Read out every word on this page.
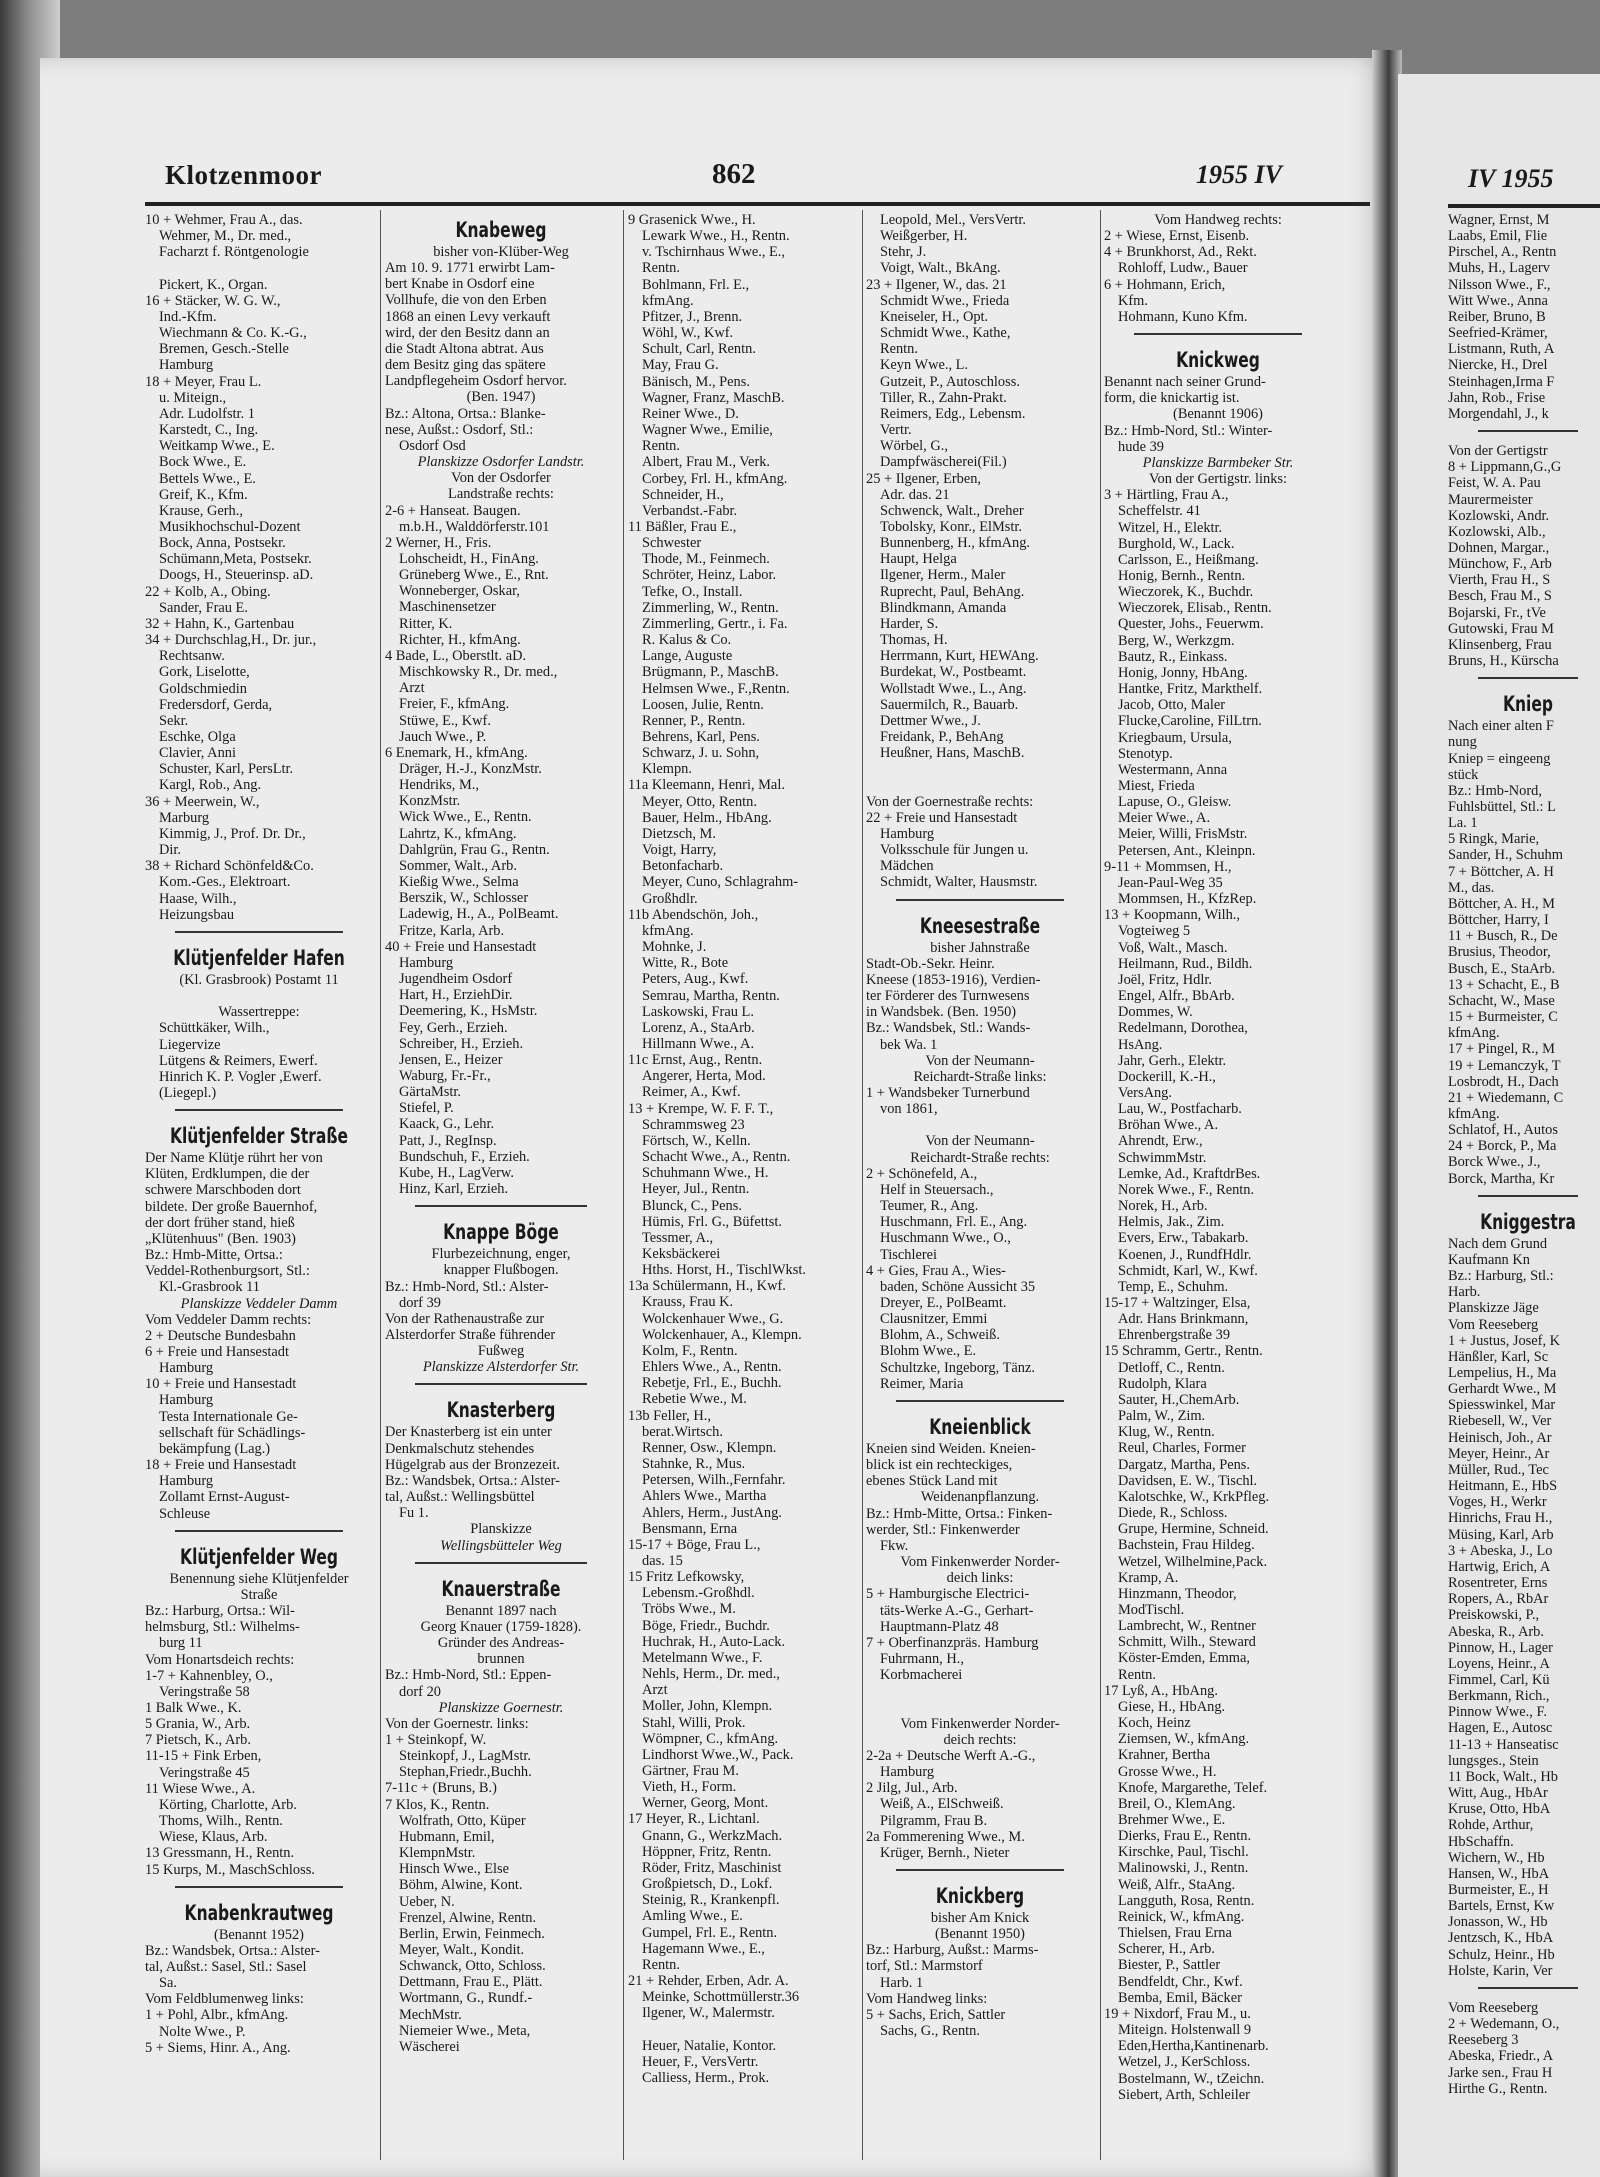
Klotzenmoor	862	1955 IV
10 + Wehmer, Frau A., das.
Wehmer, M., Dr. med.,
Facharzt f. Röntgenologie

Pickert, K., Organ.
16 + Stäcker, W. G. W.,
Ind.-Kfm.
Wiechmann & Co. K.-G.,
Bremen, Gesch.-Stelle
Hamburg
18 + Meyer, Frau L.
u. Miteign.,
Adr. Ludolfstr. 1
Karstedt, C., Ing.
Weitkamp Wwe., E.
Bock Wwe., E.
Bettels Wwe., E.
Greif, K., Kfm.
Krause, Gerh.,
Musikhochschul-Dozent
Bock, Anna, Postsekr.
Schümann,Meta, Postsekr.
Doogs, H., Steuerinsp. aD.
22 + Kolb, A., Obing.
Sander, Frau E.
32 + Hahn, K., Gartenbau
34 + Durchschlag,H., Dr. jur.,
Rechtsanw.
Gork, Liselotte,
Goldschmiedin
Fredersdorf, Gerda,
Sekr.
Eschke, Olga
Clavier, Anni
Schuster, Karl, PersLtr.
Kargl, Rob., Ang.
36 + Meerwein, W.,
Marburg
Kimmig, J., Prof. Dr. Dr.,
Dir.
38 + Richard Schönfeld&Co.
Kom.-Ges., Elektroart.
Haase, Wilh.,
Heizungsbau
Klütjenfelder Hafen
(Kl. Grasbrook) Postamt 11

Wassertreppe:
Schüttkäker, Wilh.,
Liegervize
Lütgens & Reimers, Ewerf.
Hinrich K. P. Vogler ,Ewerf.
(Liegepl.)
Klütjenfelder Straße
Der Name Klütje rührt her von
Klüten, Erdklumpen, die der
schwere Marschboden dort
bildete. Der große Bauernhof,
der dort früher stand, hieß
„Klütenhuus" (Ben. 1903)
Bz.: Hmb-Mitte, Ortsa.:
Veddel-Rothenburgsort, Stl.:
Kl.-Grasbrook 11
Planskizze Veddeler Damm
Vom Veddeler Damm rechts:
2 + Deutsche Bundesbahn
6 + Freie und Hansestadt
Hamburg
10 + Freie und Hansestadt
Hamburg
Testa Internationale Ge-
sellschaft für Schädlings-
bekämpfung (Lag.)
18 + Freie und Hansestadt
Hamburg
Zollamt Ernst-August-
Schleuse
Klütjenfelder Weg
Benennung siehe Klütjenfelder
Straße
Bz.: Harburg, Ortsa.: Wil-
helmsburg, Stl.: Wilhelms-
burg 11
Vom Honartsdeich rechts:
1-7 + Kahnenbley, O.,
Veringstraße 58
1 Balk Wwe., K.
5 Grania, W., Arb.
7 Pietsch, K., Arb.
11-15 + Fink Erben,
Veringstraße 45
11 Wiese Wwe., A.
Körting, Charlotte, Arb.
Thoms, Wilh., Rentn.
Wiese, Klaus, Arb.
13 Gressmann, H., Rentn.
15 Kurps, M., MaschSchloss.
Knabenkrautweg
(Benannt 1952)
Bz.: Wandsbek, Ortsa.: Alster-
tal, Außst.: Sasel, Stl.: Sasel
Sa.
Vom Feldblumenweg links:
1 + Pohl, Albr., kfmAng.
Nolte Wwe., P.
5 + Siems, Hinr. A., Ang.
Knabeweg
bisher von-Klüber-Weg
Am 10. 9. 1771 erwirbt Lam-
bert Knabe in Osdorf eine
Vollhufe, die von den Erben
1868 an einen Levy verkauft
wird, der den Besitz dann an
die Stadt Altona abtrat. Aus
dem Besitz ging das spätere
Landpflegeheim Osdorf hervor.
(Ben. 1947)
Bz.: Altona, Ortsa.: Blanke-
nese, Außst.: Osdorf, Stl.:
Osdorf Osd
Planskizze Osdorfer Landstr.
Von der Osdorfer
Landstraße rechts:
2-6 + Hanseat. Baugen.
m.b.H., Walddörferstr.101
2 Werner, H., Fris.
Lohscheidt, H., FinAng.
Grüneberg Wwe., E., Rnt.
Wonneberger, Oskar,
Maschinensetzer
Ritter, K.
Richter, H., kfmAng.
4 Bade, L., Oberstlt. aD.
Mischkowsky R., Dr. med.,
Arzt
Freier, F., kfmAng.
Stüwe, E., Kwf.
Jauch Wwe., P.
6 Enemark, H., kfmAng.
Dräger, H.-J., KonzMstr.
Hendriks, M.,
KonzMstr.
Wick Wwe., E., Rentn.
Lahrtz, K., kfmAng.
Dahlgrün, Frau G., Rentn.
Sommer, Walt., Arb.
Kießig Wwe., Selma
Berszik, W., Schlosser
Ladewig, H., A., PolBeamt.
Fritze, Karla, Arb.
40 + Freie und Hansestadt
Hamburg
Jugendheim Osdorf
Hart, H., ErziehDir.
Deemering, K., HsMstr.
Fey, Gerh., Erzieh.
Schreiber, H., Erzieh.
Jensen, E., Heizer
Waburg, Fr.-Fr.,
GärtaMstr.
Stiefel, P.
Kaack, G., Lehr.
Patt, J., RegInsp.
Bundschuh, F., Erzieh.
Kube, H., LagVerw.
Hinz, Karl, Erzieh.
Knappe Böge
Flurbezeichnung, enger,
knapper Flußbogen.
Bz.: Hmb-Nord, Stl.: Alster-
dorf 39
Von der Rathenaustraße zur
Alsterdorfer Straße führender
Fußweg
Planskizze Alsterdorfer Str.
Knasterberg
Der Knasterberg ist ein unter
Denkmalschutz stehendes
Hügelgrab aus der Bronzezeit.
Bz.: Wandsbek, Ortsa.: Alster-
tal, Außst.: Wellingsbüttel
Fu 1.
Planskizze
Wellingsbütteler Weg
Knauerstraße
Benannt 1897 nach
Georg Knauer (1759-1828).
Gründer des Andreas-
brunnen
Bz.: Hmb-Nord, Stl.: Eppen-
dorf 20
Planskizze Goernestr.
Von der Goernestr. links:
1 + Steinkopf, W.
Steinkopf, J., LagMstr.
Stephan,Friedr.,Buchh.
7-11c + (Bruns, B.)
7 Klos, K., Rentn.
Wolfrath, Otto, Küper
Hubmann, Emil,
KlempnMstr.
Hinsch Wwe., Else
Böhm, Alwine, Kont.
Ueber, N.
Frenzel, Alwine, Rentn.
Berlin, Erwin, Feinmech.
Meyer, Walt., Kondit.
Schwanck, Otto, Schloss.
Dettmann, Frau E., Plätt.
Wortmann, G., Rundf.-
MechMstr.
Niemeier Wwe., Meta,
Wäscherei
9 Grasenick Wwe., H.
Lewark Wwe., H., Rentn.
v. Tschirnhaus Wwe., E.,
Rentn.
Bohlmann, Frl. E.,
kfmAng.
Pfitzer, J., Brenn.
Wöhl, W., Kwf.
Schult, Carl, Rentn.
May, Frau G.
Bänisch, M., Pens.
Wagner, Franz, MaschB.
Reiner Wwe., D.
Wagner Wwe., Emilie,
Rentn.
Albert, Frau M., Verk.
Corbey, Frl. H., kfmAng.
Schneider, H.,
Verbandst.-Fabr.
11 Bäßler, Frau E.,
Schwester
Thode, M., Feinmech.
Schröter, Heinz, Labor.
Tefke, O., Install.
Zimmerling, W., Rentn.
Zimmerling, Gertr., i. Fa.
R. Kalus & Co.
Lange, Auguste
Brügmann, P., MaschB.
Helmsen Wwe., F.,Rentn.
Loosen, Julie, Rentn.
Renner, P., Rentn.
Behrens, Karl, Pens.
Schwarz, J. u. Sohn,
Klempn.
11a Kleemann, Henri, Mal.
Meyer, Otto, Rentn.
Bauer, Helm., HbAng.
Dietzsch, M.
Voigt, Harry,
Betonfacharb.
Meyer, Cuno, Schlagrahm-
Großhdlr.
11b Abendschön, Joh.,
kfmAng.
Mohnke, J.
Witte, R., Bote
Peters, Aug., Kwf.
Semrau, Martha, Rentn.
Laskowski, Frau L.
Lorenz, A., StaArb.
Hillmann Wwe., A.
11c Ernst, Aug., Rentn.
Angerer, Herta, Mod.
Reimer, A., Kwf.
13 + Krempe, W. F. F. T.,
Schrammsweg 23
Förtsch, W., Kelln.
Schacht Wwe., A., Rentn.
Schuhmann Wwe., H.
Heyer, Jul., Rentn.
Blunck, C., Pens.
Hümis, Frl. G., Büfettst.
Tessmer, A.,
Keksbäckerei
Hths. Horst, H., TischlWkst.
13a Schülermann, H., Kwf.
Krauss, Frau K.
Wolckenhauer Wwe., G.
Wolckenhauer, A., Klempn.
Kolm, F., Rentn.
Ehlers Wwe., A., Rentn.
Rebetje, Frl., E., Buchh.
Rebetie Wwe., M.
13b Feller, H.,
berat.Wirtsch.
Renner, Osw., Klempn.
Stahnke, R., Mus.
Petersen, Wilh.,Fernfahr.
Ahlers Wwe., Martha
Ahlers, Herm., JustAng.
Bensmann, Erna
15-17 + Böge, Frau L.,
das. 15
15 Fritz Lefkowsky,
Lebensm.-Großhdl.
Tröbs Wwe., M.
Böge, Friedr., Buchdr.
Huchrak, H., Auto-Lack.
Metelmann Wwe., F.
Nehls, Herm., Dr. med.,
Arzt
Moller, John, Klempn.
Stahl, Willi, Prok.
Wömpner, C., kfmAng.
Lindhorst Wwe.,W., Pack.
Gärtner, Frau M.
Vieth, H., Form.
Werner, Georg, Mont.
17 Heyer, R., Lichtanl.
Gnann, G., WerkzMach.
Höppner, Fritz, Rentn.
Röder, Fritz, Maschinist
Großpietsch, D., Lokf.
Steinig, R., Krankenpfl.
Amling Wwe., E.
Gumpel, Frl. E., Rentn.
Hagemann Wwe., E.,
Rentn.
21 + Rehder, Erben, Adr. A.
Meinke, Schottmüllerstr.36
Ilgener, W., Malermstr.

Heuer, Natalie, Kontor.
Heuer, F., VersVertr.
Calliess, Herm., Prok.
Leopold, Mel., VersVertr.
Weißgerber, H.
Stehr, J.
Voigt, Walt., BkAng.
23 + Ilgener, W., das. 21
Schmidt Wwe., Frieda
Kneiseler, H., Opt.
Schmidt Wwe., Kathe,
Rentn.
Keyn Wwe., L.
Gutzeit, P., Autoschloss.
Tiller, R., Zahn-Prakt.
Reimers, Edg., Lebensm.
Vertr.
Wörbel, G.,
Dampfwäscherei(Fil.)
25 + Ilgener, Erben,
Adr. das. 21
Schwenck, Walt., Dreher
Tobolsky, Konr., ElMstr.
Bunnenberg, H., kfmAng.
Haupt, Helga
Ilgener, Herm., Maler
Ruprecht, Paul, BehAng.
Blindkmann, Amanda
Harder, S.
Thomas, H.
Herrmann, Kurt, HEWAng.
Burdekat, W., Postbeamt.
Wollstadt Wwe., L., Ang.
Sauermilch, R., Bauarb.
Dettmer Wwe., J.
Freidank, P., BehAng
Heußner, Hans, MaschB.

Von der Goernestraße rechts:
22 + Freie und Hansestadt
Hamburg
Volksschule für Jungen u.
Mädchen
Schmidt, Walter, Hausmstr.
Kneesestraße
bisher Jahnstraße
Stadt-Ob.-Sekr. Heinr.
Kneese (1853-1916), Verdien-
ter Förderer des Turnwesens
in Wandsbek. (Ben. 1950)
Bz.: Wandsbek, Stl.: Wands-
bek Wa. 1
Von der Neumann-
Reichardt-Straße links:
1 + Wandsbeker Turnerbund
von 1861,

Von der Neumann-
Reichardt-Straße rechts:
2 + Schönefeld, A.,
Helf in Steuersach.,
Teumer, R., Ang.
Huschmann, Frl. E., Ang.
Huschmann Wwe., O.,
Tischlerei
4 + Gies, Frau A., Wies-
baden, Schöne Aussicht 35
Dreyer, E., PolBeamt.
Clausnitzer, Emmi
Blohm, A., Schweiß.
Blohm Wwe., E.
Schultzke, Ingeborg, Tänz.
Reimer, Maria
Kneienblick
Kneien sind Weiden. Kneien-
blick ist ein rechteckiges,
ebenes Stück Land mit
Weidenanpflanzung.
Bz.: Hmb-Mitte, Ortsa.: Finken-
werder, Stl.: Finkenwerder
Fkw.
Vom Finkenwerder Norder-
deich links:
5 + Hamburgische Electrici-
täts-Werke A.-G., Gerhart-
Hauptmann-Platz 48
7 + Oberfinanzpräs. Hamburg
Fuhrmann, H.,
Korbmacherei

Vom Finkenwerder Norder-
deich rechts:
2-2a + Deutsche Werft A.-G.,
Hamburg
2 Jilg, Jul., Arb.
Weiß, A., ElSchweiß.
Pilgramm, Frau B.
2a Fommerening Wwe., M.
Krüger, Bernh., Nieter
Knickberg
bisher Am Knick
(Benannt 1950)
Bz.: Harburg, Außst.: Marms-
torf, Stl.: Marmstorf
Harb. 1
Vom Handweg links:
5 + Sachs, Erich, Sattler
Sachs, G., Rentn.
Vom Handweg rechts:
2 + Wiese, Ernst, Eisenb.
4 + Brunkhorst, Ad., Rekt.
Rohloff, Ludw., Bauer
6 + Hohmann, Erich,
Kfm.
Hohmann, Kuno Kfm.
Knickweg
Benannt nach seiner Grund-
form, die knickartig ist.
(Benannt 1906)
Bz.: Hmb-Nord, Stl.: Winter-
hude 39
Planskizze Barmbeker Str.
Von der Gertigstr. links:
3 + Härtling, Frau A.,
Scheffelstr. 41
Witzel, H., Elektr.
Burghold, W., Lack.
Carlsson, E., Heißmang.
Honig, Bernh., Rentn.
Wieczorek, K., Buchdr.
Wieczorek, Elisab., Rentn.
Quester, Johs., Feuerwm.
Berg, W., Werkzgm.
Bautz, R., Einkass.
Honig, Jonny, HbAng.
Hantke, Fritz, Markthelf.
Jacob, Otto, Maler
Flucke,Caroline, FilLtrn.
Kriegbaum, Ursula,
Stenotyp.
Westermann, Anna
Miest, Frieda
Lapuse, O., Gleisw.
Meier Wwe., A.
Meier, Willi, FrisMstr.
Petersen, Ant., Kleinpn.
9-11 + Mommsen, H.,
Jean-Paul-Weg 35
Mommsen, H., KfzRep.
13 + Koopmann, Wilh.,
Vogteiweg 5
Voß, Walt., Masch.
Heilmann, Rud., Bildh.
Joël, Fritz, Hdlr.
Engel, Alfr., BbArb.
Dommes, W.
Redelmann, Dorothea,
HsAng.
Jahr, Gerh., Elektr.
Dockerill, K.-H.,
VersAng.
Lau, W., Postfacharb.
Bröhan Wwe., A.
Ahrendt, Erw.,
SchwimmMstr.
Lemke, Ad., KraftdrBes.
Norek Wwe., F., Rentn.
Norek, H., Arb.
Helmis, Jak., Zim.
Evers, Erw., Tabakarb.
Koenen, J., RundfHdlr.
Schmidt, Karl, W., Kwf.
Temp, E., Schuhm.
15-17 + Waltzinger, Elsa,
Adr. Hans Brinkmann,
Ehrenbergstraße 39
15 Schramm, Gertr., Rentn.
Detloff, C., Rentn.
Rudolph, Klara
Sauter, H.,ChemArb.
Palm, W., Zim.
Klug, W., Rentn.
Reul, Charles, Former
Dargatz, Martha, Pens.
Davidsen, E. W., Tischl.
Kalotschke, W., KrkPfleg.
Diede, R., Schloss.
Grupe, Hermine, Schneid.
Bachstein, Frau Hildeg.
Wetzel, Wilhelmine,Pack.
Kramp, A.
Hinzmann, Theodor,
ModTischl.
Lambrecht, W., Rentner
Schmitt, Wilh., Steward
Köster-Emden, Emma,
Rentn.
17 Lyß, A., HbAng.
Giese, H., HbAng.
Koch, Heinz
Ziemsen, W., kfmAng.
Krahner, Bertha
Grosse Wwe., H.
Knofe, Margarethe, Telef.
Breil, O., KlemAng.
Brehmer Wwe., E.
Dierks, Frau E., Rentn.
Kirschke, Paul, Tischl.
Malinowski, J., Rentn.
Weiß, Alfr., StaAng.
Langguth, Rosa, Rentn.
Reinick, W., kfmAng.
Thielsen, Frau Erna
Scherer, H., Arb.
Biester, P., Sattler
Bendfeldt, Chr., Kwf.
Bemba, Emil, Bäcker
19 + Nixdorf, Frau M., u.
Miteign. Holstenwall 9
Eden,Hertha,Kantinenarb.
Wetzel, J., KerSchloss.
Bostelmann, W., tZeichn.
Siebert, Arth, Schleiler
IV 1955
Wagner, Ernst, M
Laabs, Emil, Flie
Pirschel, A., Rentn
Muhs, H., Lagerv
Nilsson Wwe., F.,
Witt Wwe., Anna
Reiber, Bruno, B
Seefried-Krämer,
Listmann, Ruth, A
Niercke, H., Drel
Steinhagen,Irma F
Jahn, Rob., Frise
Morgendahl, J., k
Von der Gertigstr
8 + Lippmann,G.,G
Feist, W. A. Pau
Maurermeister
Kozlowski, Andr.
Kozlowski, Alb.,
Dohnen, Margar.,
Münchow, F., Arb
Vierth, Frau H., S
Besch, Frau M., S
Bojarski, Fr., tVe
Gutowski, Frau M
Klinsenberg, Frau
Bruns, H., Kürscha
Kniep
Nach einer alten F
nung
Kniep = eingeeng
stück
Bz.: Hmb-Nord,
Fuhlsbüttel, Stl.: L
La. 1
5 Ringk, Marie,
Sander, H., Schuhm
7 + Böttcher, A. H
M., das.
Böttcher, A. H., M
Böttcher, Harry, I
11 + Busch, R., De
Brusius, Theodor,
Busch, E., StaArb.
13 + Schacht, E., B
Schacht, W., Mase
15 + Burmeister, C
kfmAng.
17 + Pingel, R., M
19 + Lemanczyk, T
Losbrodt, H., Dach
21 + Wiedemann, C
kfmAng.
Schlatof, H., Autos
24 + Borck, P., Ma
Borck Wwe., J.,
Borck, Martha, Kr
Kniggestra
Nach dem Grund
Kaufmann Kn
Bz.: Harburg, Stl.:
Harb.
Planskizze Jäge
Vom Reeseberg
1 + Justus, Josef, K
Hänßler, Karl, Sc
Lempelius, H., Ma
Gerhardt Wwe., M
Spiesswinkel, Mar
Riebesell, W., Ver
Heinisch, Joh., Ar
Meyer, Heinr., Ar
Müller, Rud., Tec
Heitmann, E., HbS
Voges, H., Werkr
Hinrichs, Frau H.,
Müsing, Karl, Arb
3 + Abeska, J., Lo
Hartwig, Erich, A
Rosentreter, Erns
Ropers, A., RbAr
Preiskowski, P.,
Abeska, R., Arb.
Pinnow, H., Lager
Loyens, Heinr., A
Fimmel, Carl, Kü
Berkmann, Rich.,
Pinnow Wwe., F.
Hagen, E., Autosc
11-13 + Hanseatisc
lungsges., Stein
11 Bock, Walt., Hb
Witt, Aug., HbAr
Kruse, Otto, HbA
Rohde, Arthur,
HbSchaffn.
Wichern, W., Hb
Hansen, W., HbA
Burmeister, E., H
Bartels, Ernst, Kw
Jonasson, W., Hb
Jentzsch, K., HbA
Schulz, Heinr., Hb
Holste, Karin, Ver
Vom Reeseberg
2 + Wedemann, O.,
Reeseberg 3
Abeska, Friedr., A
Jarke sen., Frau H
Hirthe G., Rentn.
